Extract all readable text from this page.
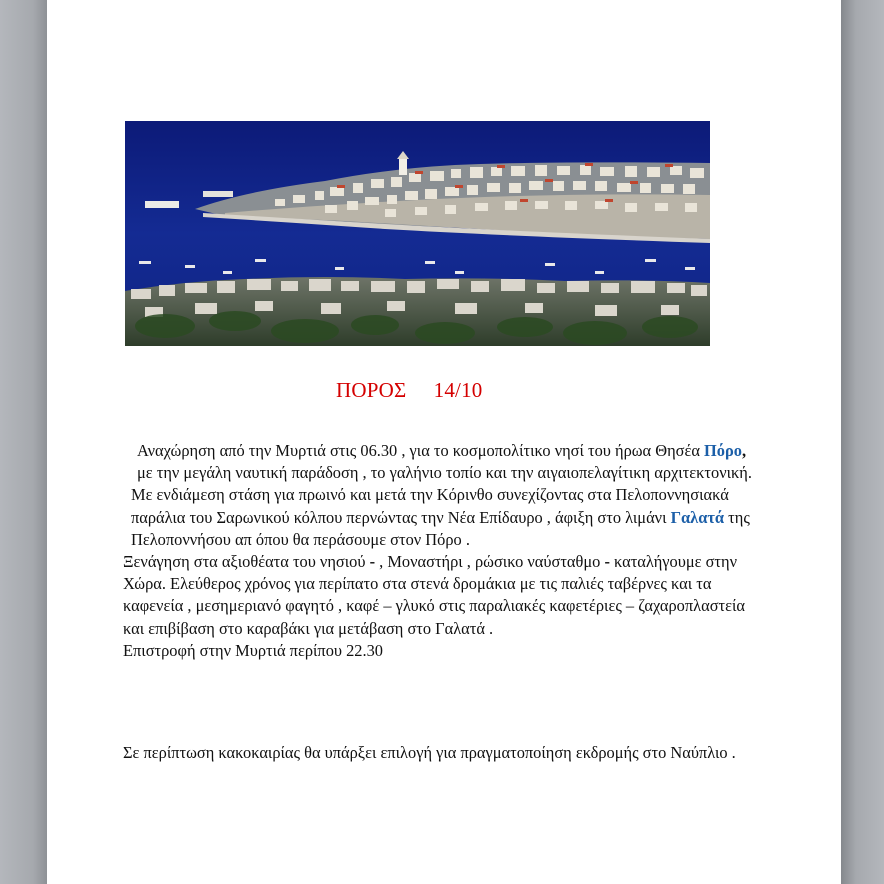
ΠΟΡΟΣ     14/10

Αναχώρηση από την Μυρτιά στις 06.30 , για το κοσμοπολίτικο νησί του ήρωα Θησέα Πόρο, με την μεγάλη ναυτική παράδοση , το γαλήνιο τοπίο και την αιγαιοπελαγίτικη αρχιτεκτονική.

Με ενδιάμεση στάση για πρωινό και μετά την Κόρινθο συνεχίζοντας στα Πελοποννησιακά παράλια του Σαρωνικού κόλπου περνώντας την Νέα Επίδαυρο , άφιξη στο λιμάνι Γαλατά της Πελοποννήσου απ όπου θα περάσουμε στον Πόρο .

Ξενάγηση στα αξιοθέατα του νησιού - , Μοναστήρι , ρώσικο ναύσταθμο - καταλήγουμε στην Χώρα. Ελεύθερος χρόνος για περίπατο στα στενά δρομάκια με τις παλιές ταβέρνες και τα καφενεία , μεσημεριανό φαγητό , καφέ – γλυκό στις παραλιακές καφετέριες – ζαχαροπλαστεία και επιβίβαση στο καραβάκι για μετάβαση στο Γαλατά .

Επιστροφή στην Μυρτιά περίπου 22.30

Σε περίπτωση κακοκαιρίας θα υπάρξει επιλογή για πραγματοποίηση εκδρομής στο Ναύπλιο .
